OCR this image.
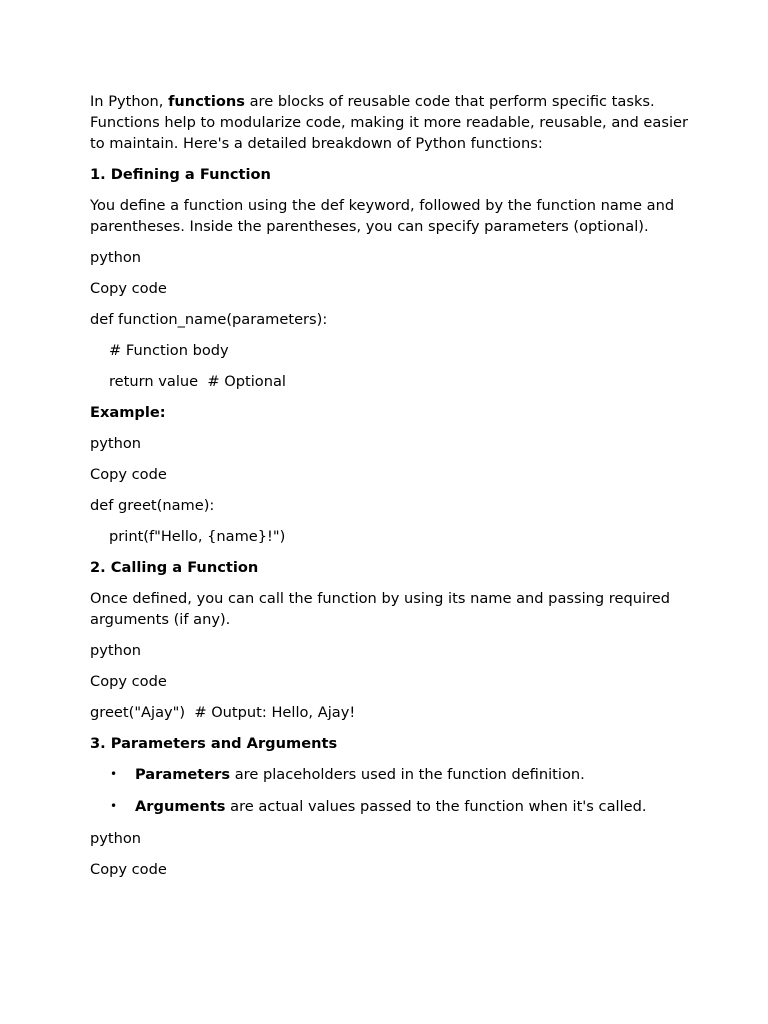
In Python, functions are blocks of reusable code that perform specific tasks. Functions help to modularize code, making it more readable, reusable, and easier to maintain. Here's a detailed breakdown of Python functions:

1. Defining a Function

You define a function using the def keyword, followed by the function name and parentheses. Inside the parentheses, you can specify parameters (optional).

python

Copy code

def function_name(parameters):

# Function body

return value  # Optional

Example:

python

Copy code

def greet(name):

print(f"Hello, {name}!")

2. Calling a Function

Once defined, you can call the function by using its name and passing required arguments (if any).

python

Copy code

greet("Ajay")  # Output: Hello, Ajay!

3. Parameters and Arguments

• Parameters are placeholders used in the function definition.
• Arguments are actual values passed to the function when it's called.

python

Copy code
